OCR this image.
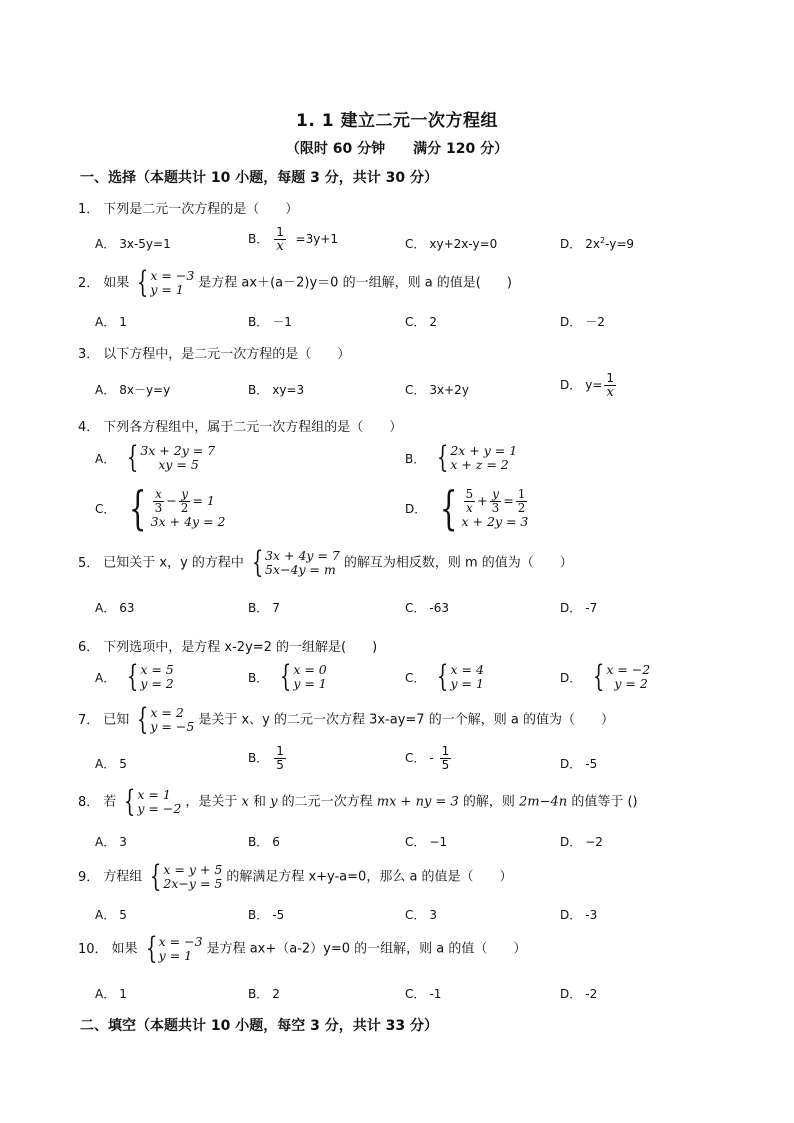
1. 1 建立二元一次方程组
（限时 60 分钟　　满分 120 分）
一、选择（本题共计 10 小题，每题 3 分，共计 30 分）
1． 下列是二元一次方程的是（　　）
A． 3x-5y=1	B． $\frac{1}{x} =3y+1$	C． xy+2x-y=0	D． $2x^2-y=9$
2． 如果 { x = −3
y = 1	是方程 ax＋(a－2)y＝0 的一组解，则 a 的值是(　　)
A． 1	B． －1	C． 2	D． －2
3． 以下方程中，是二元一次方程的是（　　）
A． 8x－y=y	B． xy=3	C． 3x+2y	D． $y= \frac{1}{x}$
4． 下列各方程组中，属于二元一次方程组的是（　　）
A． { 3x + 2y = 7
xy = 5	B． { 2x + y = 1
x + z = 2
C． { $\frac{x}{3} - \frac{y}{2} = 1$
3x + 4y = 2
D． { $\frac{5}{x} + \frac{y}{3} = \frac{1}{2}$
x + 2y = 3
5． 已知关于 x，y 的方程中 { 3x + 4y = 7
5x−4y = m 的解互为相反数，则 m 的值为（　　）
A． 63	B． 7	C． -63	D． -7
6． 下列选项中，是方程 x-2y=2 的一组解是(　　)
A． { x = 5
y = 2	B． { x = 0
y = 1	C． { x = 4
y = 1	D． { x = −2
y = 2
7． 已知 { x = 2
y = −5 是关于 x、y 的二元一次方程 3x-ay=7 的一个解，则 a 的值为（　　）
A． 5	B． $\frac{1}{5}$	C． - $\frac{1}{5}$	D． -5
8． 若 { x = 1
y = −2 ，是关于 x 和 y 的二元一次方程 mx + ny = 3 的解，则 2m−4n 的值等于 ()
A． 3	B． 6	C． −1	D． −2
9． 方程组 { x = y + 5
2x−y = 5 的解满足方程 x+y-a=0，那么 a 的值是（　　）
A． 5	B． -5	C． 3	D． -3
10． 如果 { x = −3
y = 1	是方程 ax+（a-2）y=0 的一组解，则 a 的值（　　）
A． 1	B． 2	C． -1	D． -2
二、填空（本题共计 10 小题，每空 3 分，共计 33 分）
